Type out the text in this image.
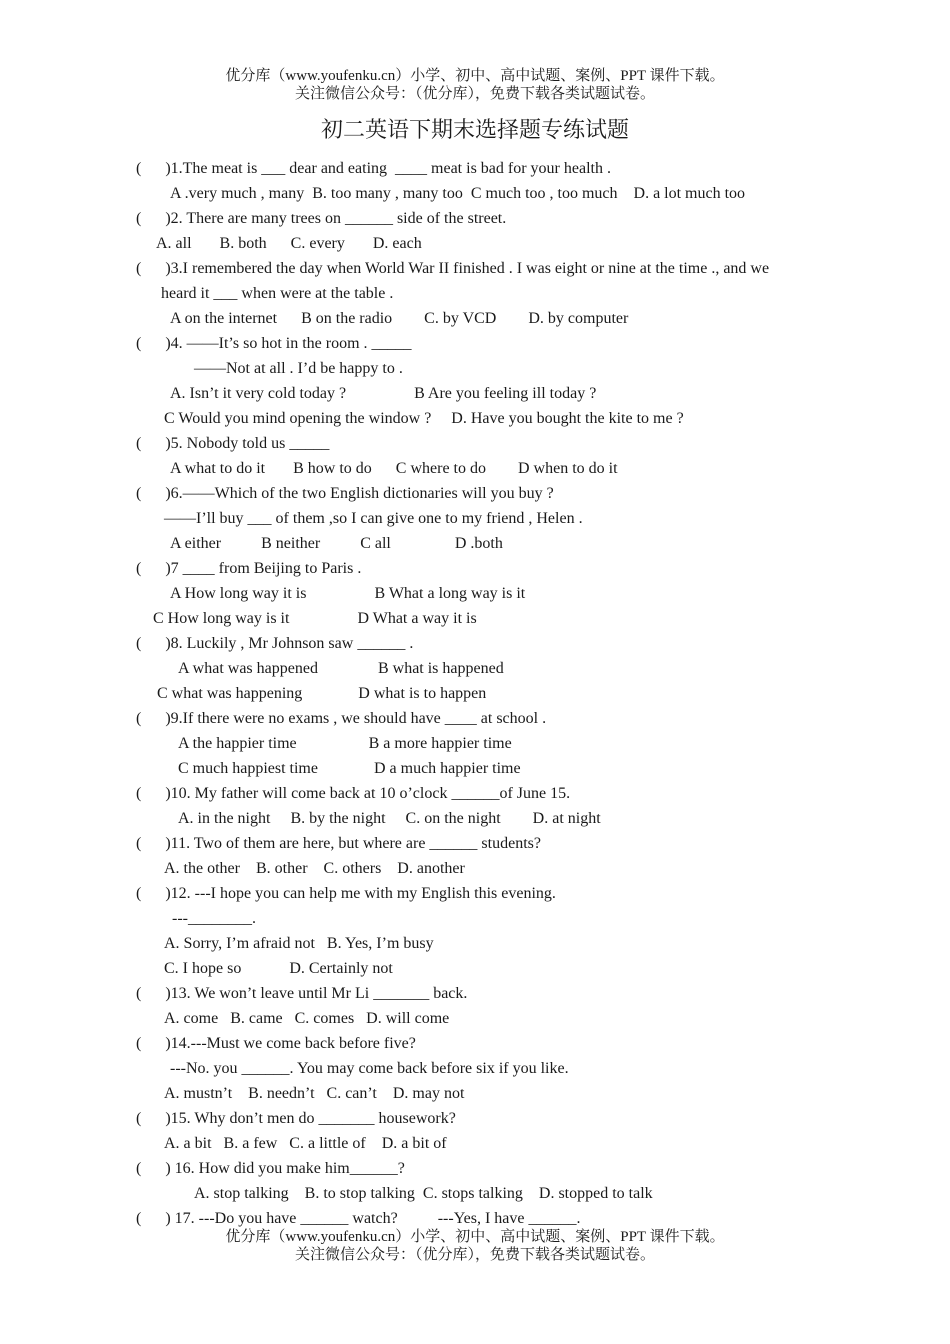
优分库（www.youfenku.cn）小学、初中、高中试题、案例、PPT 课件下载。
关注微信公众号：（优分库），免费下载各类试题试卷。
初二英语下期末选择题专练试题
(      )1.The meat is ___ dear and eating  ____ meat is bad for your health .
A .very much , many  B. too many , many too  C much too , too much    D. a lot much too
(      )2. There are many trees on ______ side of the street.
A. all       B. both      C. every       D. each
(      )3.I remembered the day when World War II finished . I was eight or nine at the time ., and we
heard it ___ when were at the table .
A on the internet      B on the radio        C. by VCD        D. by computer
(      )4. ——It’s so hot in the room . _____
——Not at all . I’d be happy to .
A. Isn’t it very cold today ?                 B Are you feeling ill today ?
C Would you mind opening the window ?     D. Have you bought the kite to me ?
(      )5. Nobody told us _____
A what to do it       B how to do      C where to do        D when to do it
(      )6.——Which of the two English dictionaries will you buy ?
——I’ll buy ___ of them ,so I can give one to my friend , Helen .
A either          B neither          C all                D .both
(      )7 ____ from Beijing to Paris .
A How long way it is                 B What a long way is it
C How long way is it                 D What a way it is
(      )8. Luckily , Mr Johnson saw ______ .
A what was happened               B what is happened
C what was happening              D what is to happen
(      )9.If there were no exams , we should have ____ at school .
A the happier time                  B a more happier time
C much happiest time              D a much happier time
(      )10. My father will come back at 10 o’clock ______of June 15.
A. in the night     B. by the night     C. on the night        D. at night
(      )11. Two of them are here, but where are ______ students?
A. the other    B. other    C. others    D. another
(      )12. ---I hope you can help me with my English this evening.
---________.
A. Sorry, I’m afraid not   B. Yes, I’m busy
C. I hope so            D. Certainly not
(      )13. We won’t leave until Mr Li _______ back.
A. come   B. came   C. comes   D. will come
(      )14.---Must we come back before five?
---No. you ______. You may come back before six if you like.
A. mustn’t    B. needn’t   C. can’t    D. may not
(      )15. Why don’t men do _______ housework?
A. a bit   B. a few   C. a little of    D. a bit of
(      ) 16. How did you make him______?
A. stop talking    B. to stop talking  C. stops talking    D. stopped to talk
(      ) 17. ---Do you have ______ watch?          ---Yes, I have ______.
优分库（www.youfenku.cn）小学、初中、高中试题、案例、PPT 课件下载。
关注微信公众号：（优分库），免费下载各类试题试卷。
